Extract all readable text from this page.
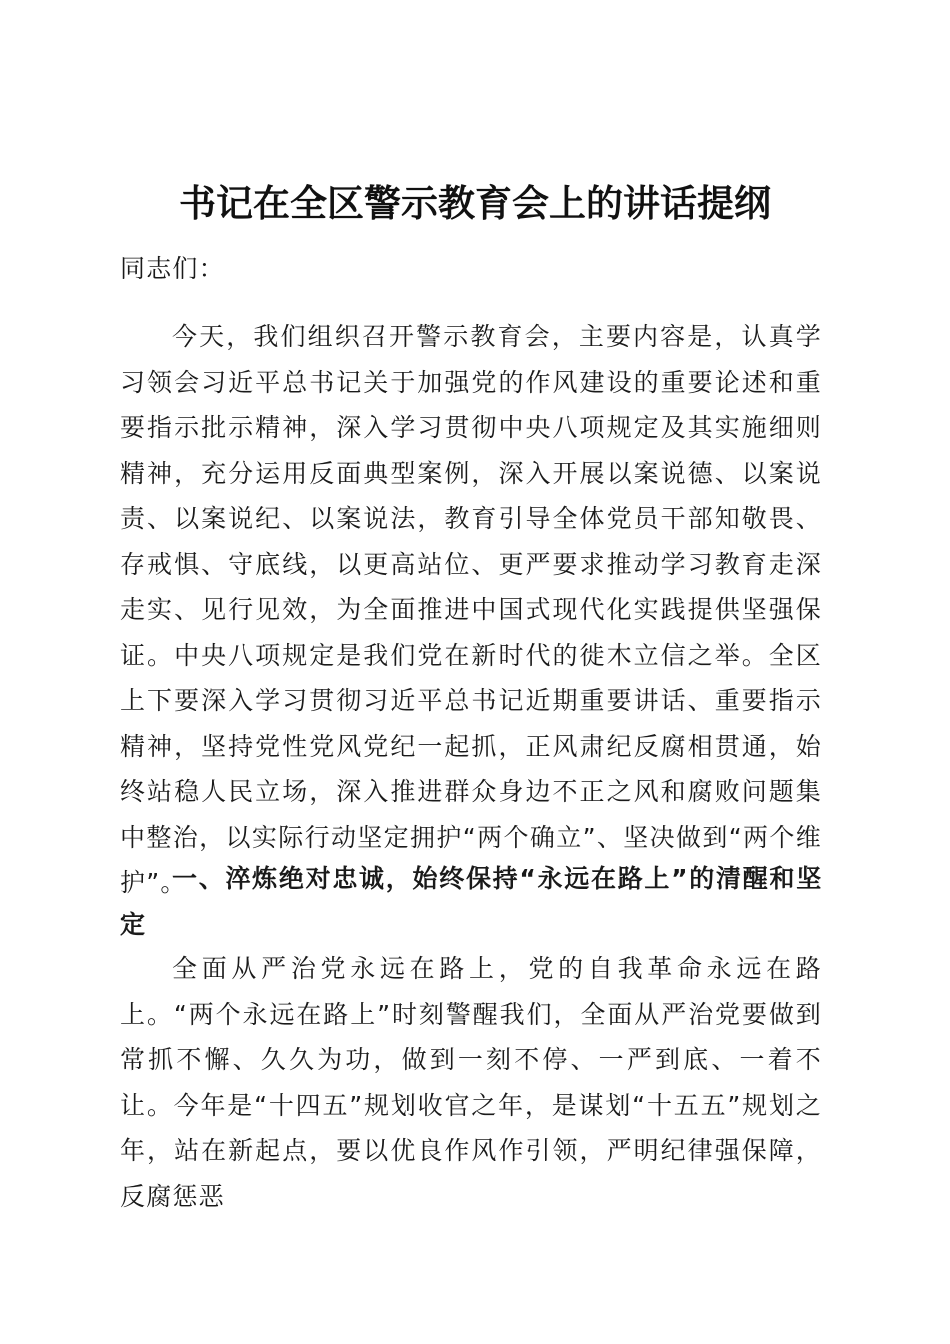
书记在全区警示教育会上的讲话提纲

同志们：

今天，我们组织召开警示教育会，主要内容是，认真学习领会习近平总书记关于加强党的作风建设的重要论述和重要指示批示精神，深入学习贯彻中央八项规定及其实施细则精神，充分运用反面典型案例，深入开展以案说德、以案说责、以案说纪、以案说法，教育引导全体党员干部知敬畏、存戒惧、守底线，以更高站位、更严要求推动学习教育走深走实、见行见效，为全面推进中国式现代化实践提供坚强保证。中央八项规定是我们党在新时代的徙木立信之举。全区上下要深入学习贯彻习近平总书记近期重要讲话、重要指示精神，坚持党性党风党纪一起抓，正风肃纪反腐相贯通，始终站稳人民立场，深入推进群众身边不正之风和腐败问题集中整治，以实际行动坚定拥护“两个确立”、坚决做到“两个维护”。

一、淬炼绝对忠诚，始终保持“永远在路上”的清醒和坚定

全面从严治党永远在路上，党的自我革命永远在路上。“两个永远在路上”时刻警醒我们，全面从严治党要做到常抓不懈、久久为功，做到一刻不停、一严到底、一着不让。今年是“十四五”规划收官之年，是谋划“十五五”规划之年，站在新起点，要以优良作风作引领，严明纪律强保障，反腐惩恶
